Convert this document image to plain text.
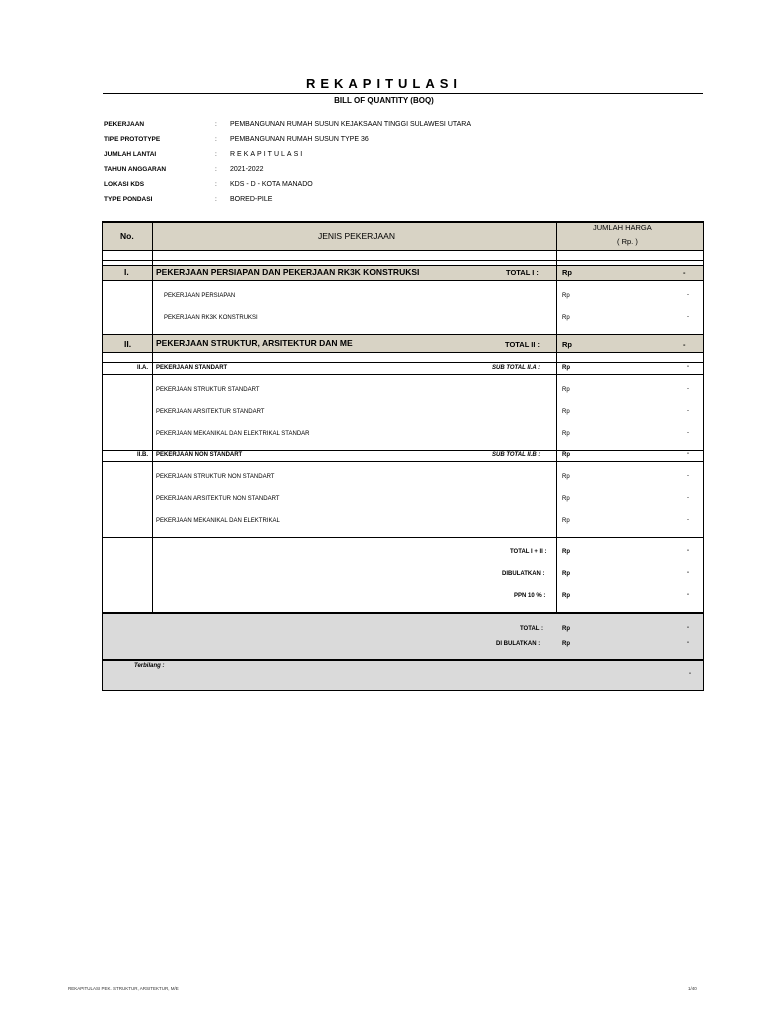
REKAPITULASI
BILL OF QUANTITY (BOQ)
PEKERJAAN	: PEMBANGUNAN RUMAH SUSUN KEJAKSAAN TINGGI SULAWESI UTARA
TIPE PROTOTYPE	: PEMBANGUNAN RUMAH SUSUN TYPE 36
JUMLAH LANTAI	: REKAPITULASI
TAHUN ANGGARAN	: 2021-2022
LOKASI KDS	: KDS - D - KOTA MANADO
TYPE PONDASI	: BORED-PILE
No.	JENIS PEKERJAAN
JUMLAH HARGA
( Rp. )
I.	PEKERJAAN PERSIAPAN DAN PEKERJAAN RK3K KONSTRUKSI	TOTAL I :	Rp	-
PEKERJAAN PERSIAPAN	Rp	-
PEKERJAAN RK3K KONSTRUKSI	Rp	-
II.	PEKERJAAN STRUKTUR, ARSITEKTUR DAN ME	TOTAL II :	Rp	-
II.A. PEKERJAAN STANDART	SUB TOTAL II.A :	Rp	-
PEKERJAAN STRUKTUR STANDART	Rp	-
PEKERJAAN ARSITEKTUR STANDART	Rp	-
PEKERJAAN MEKANIKAL DAN ELEKTRIKAL STANDAR	Rp	-
II.B. PEKERJAAN NON STANDART	SUB TOTAL II.B :	Rp	-
PEKERJAAN STRUKTUR NON STANDART	Rp	-
PEKERJAAN ARSITEKTUR NON STANDART	Rp	-
PEKERJAAN MEKANIKAL DAN ELEKTRIKAL	Rp	-
TOTAL I + II :	Rp	-
DIBULATKAN :	Rp	-
PPN 10 % :	Rp	-
TOTAL :	Rp	-
DI BULATKAN :	Rp	-
Terbilang :
-
REKAPITULASI PEK. STRUKTUR, ARSITEKTUR, M/E	1/40
